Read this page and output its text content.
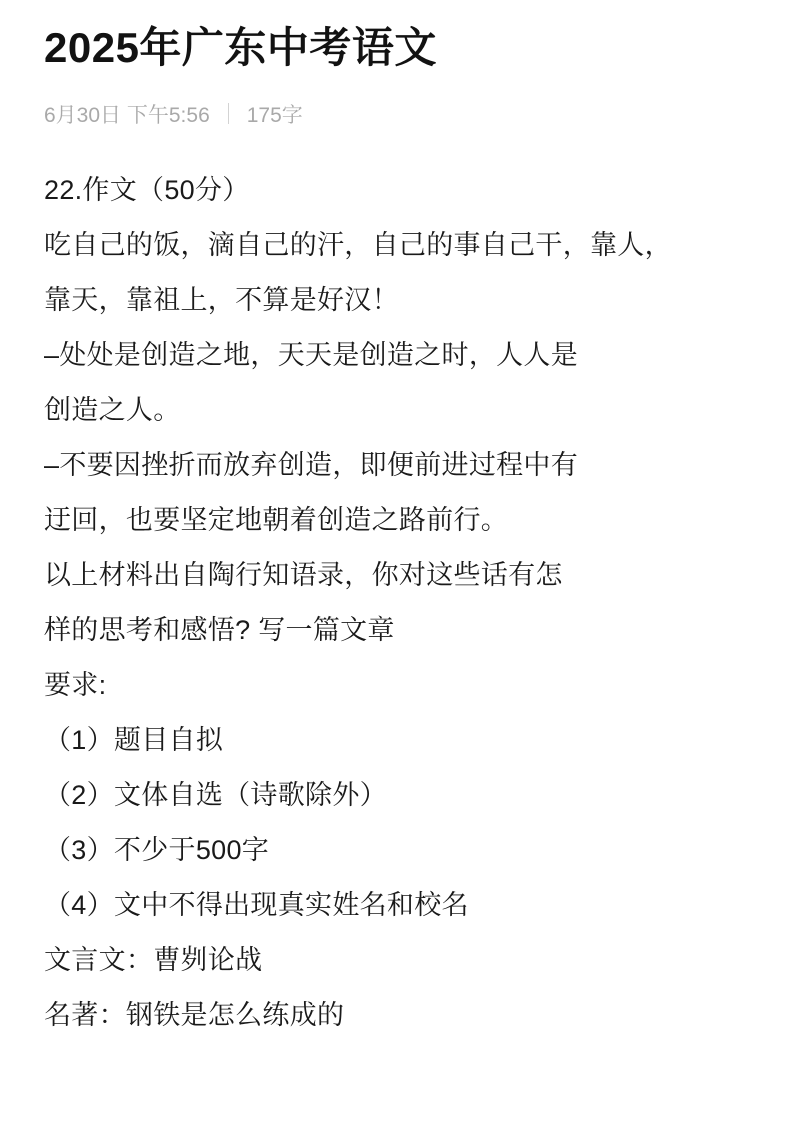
2025年广东中考语文
6月30日 下午5:56 175字
22.作文（50分）
吃自己的饭，滴自己的汗，自己的事自己干，靠人，
靠天，靠祖上，不算是好汉！
–处处是创造之地，天天是创造之时，人人是
创造之人。
–不要因挫折而放弃创造，即便前进过程中有
迂回，也要坚定地朝着创造之路前行。
以上材料出自陶行知语录，你对这些话有怎
样的思考和感悟? 写一篇文章
要求:
（1）题目自拟
（2）文体自选（诗歌除外）
（3）不少于500字
（4）文中不得出现真实姓名和校名
文言文：曹刿论战
名著：钢铁是怎么练成的
